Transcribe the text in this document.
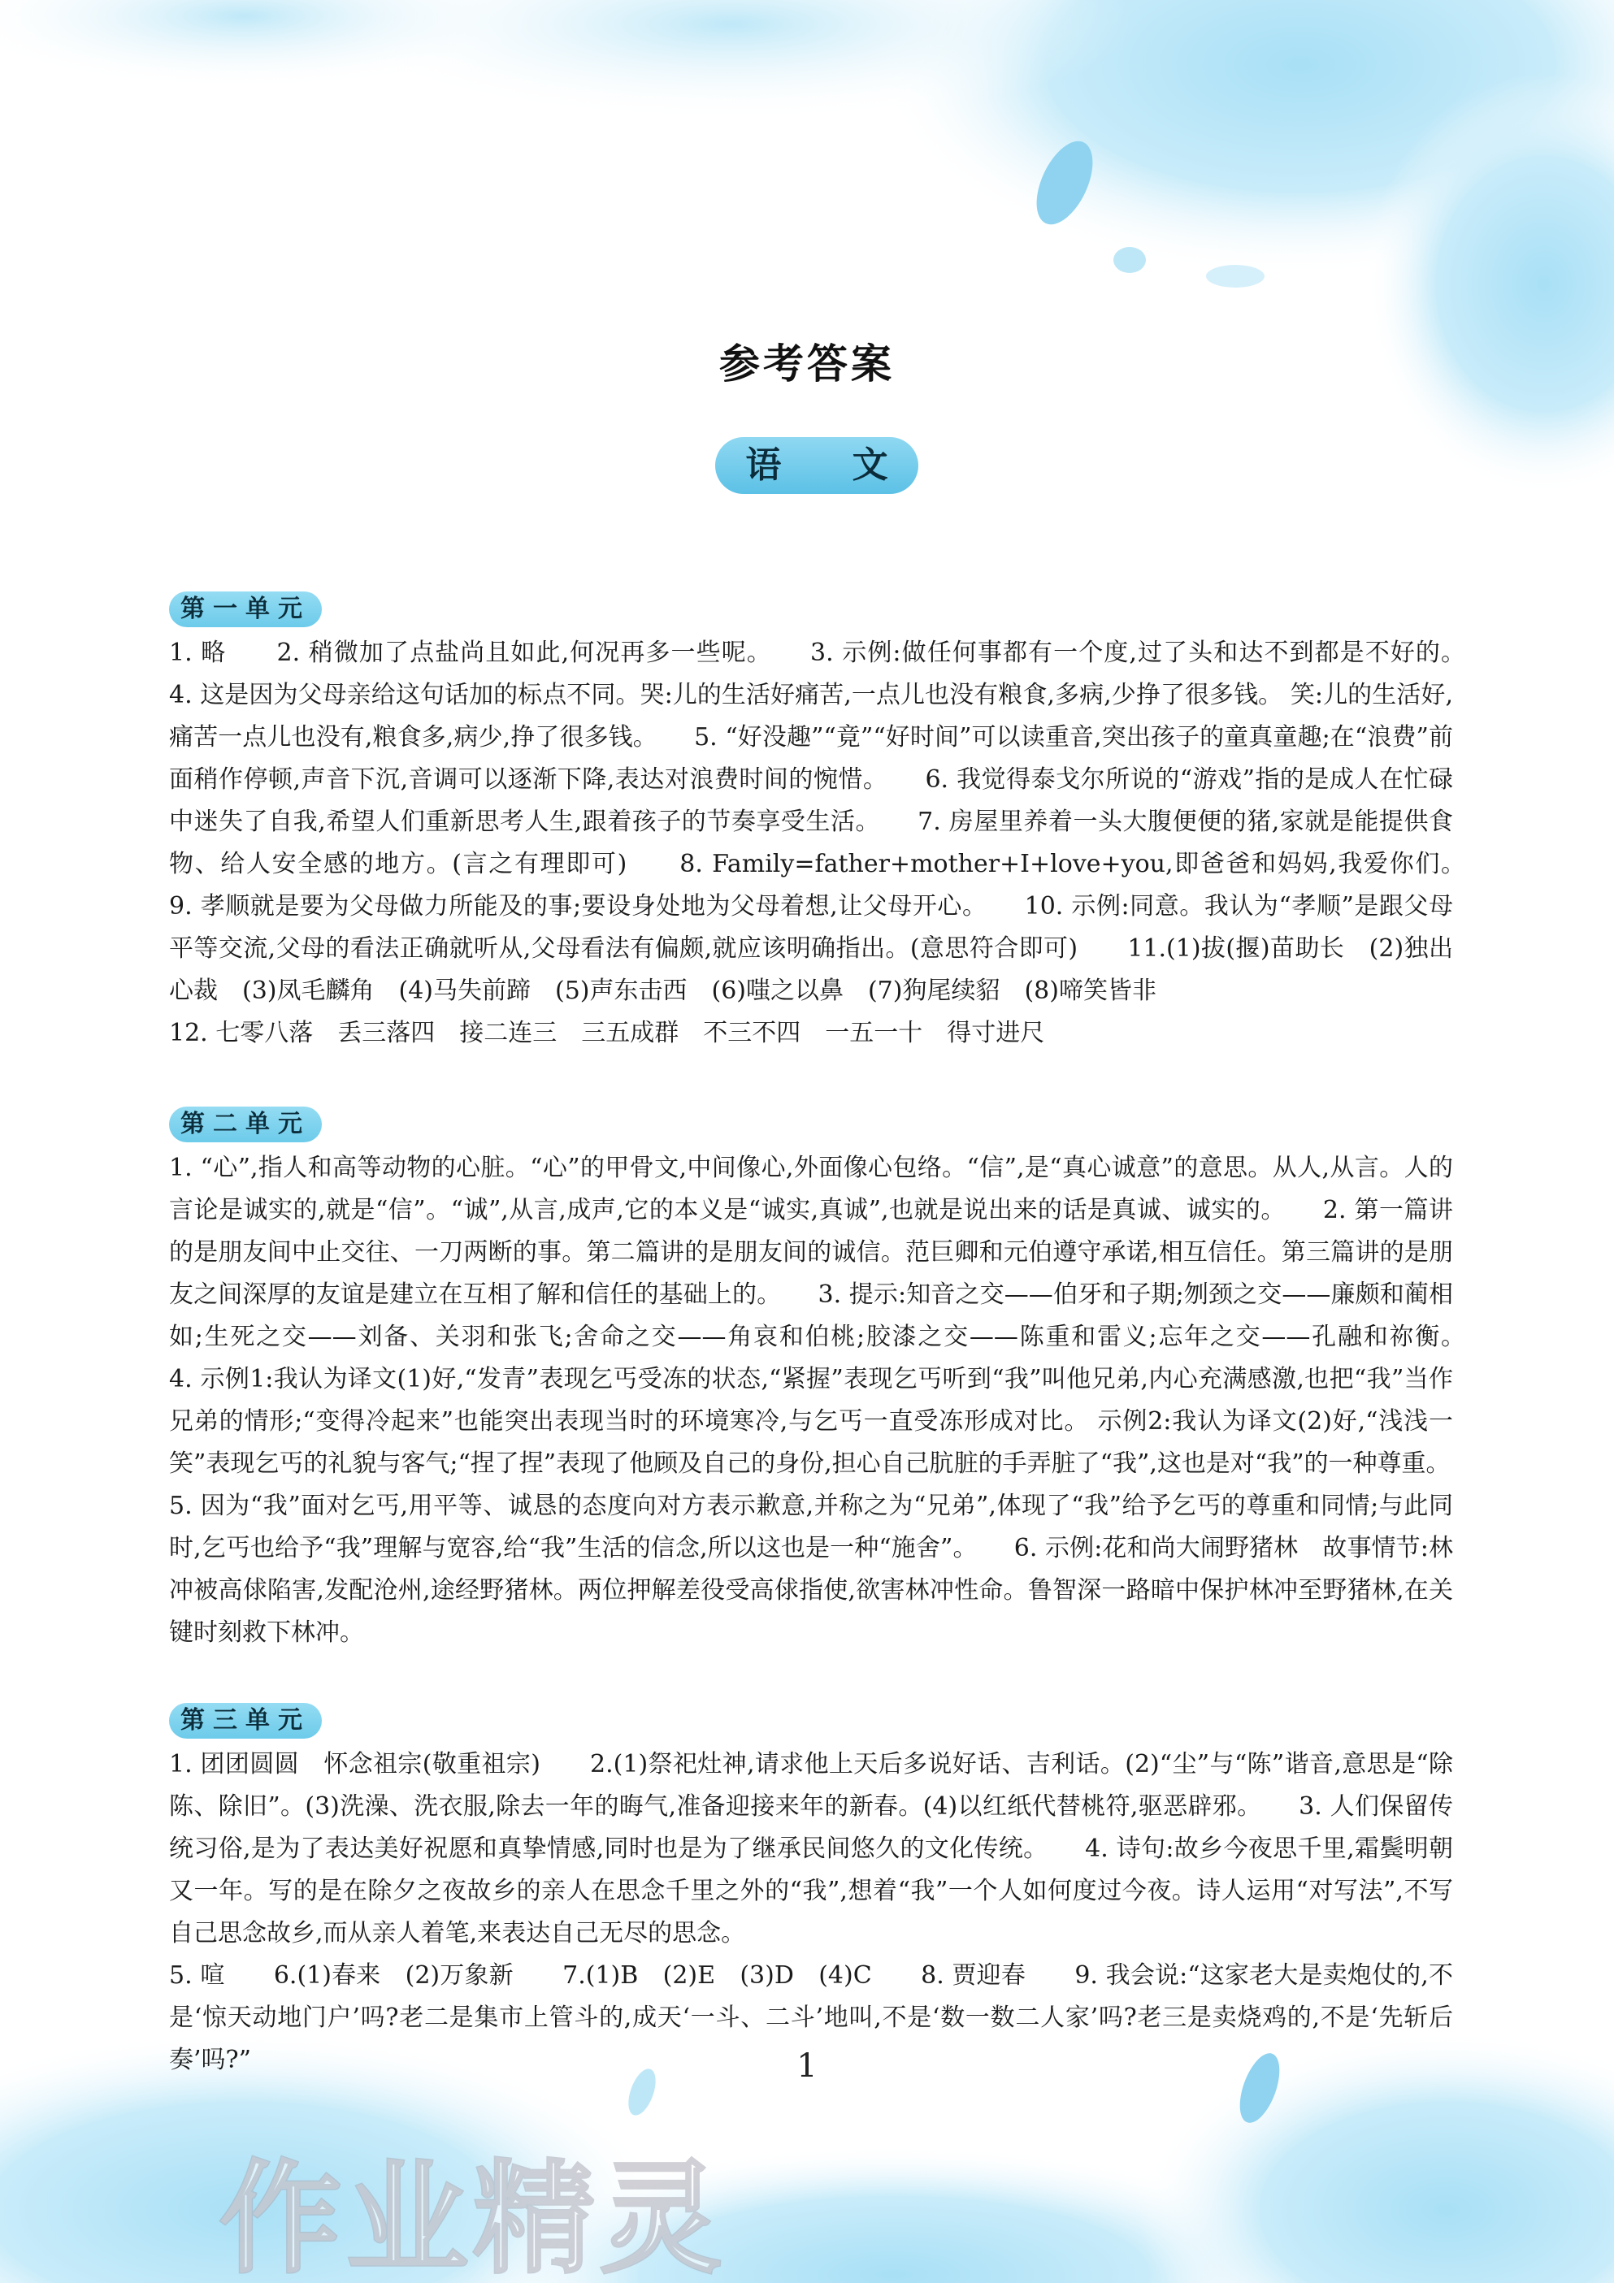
参考答案
语 文
第一单元

1. 略　　2. 稍微加了点盐尚且如此,何况再多一些呢。　　3. 示例:做任何事都有一个度,过了头和达不到都是不好的。　　4. 这是因为父母亲给这句话加的标点不同。哭:儿的生活好痛苦,一点儿也没有粮食,多病,少挣了很多钱。 笑:儿的生活好,痛苦一点儿也没有,粮食多,病少,挣了很多钱。　　5. “好没趣”“竟”“好时间”可以读重音,突出孩子的童真童趣;在“浪费”前面稍作停顿,声音下沉,音调可以逐渐下降,表达对浪费时间的惋惜。　　6. 我觉得泰戈尔所说的“游戏”指的是成人在忙碌中迷失了自我,希望人们重新思考人生,跟着孩子的节奏享受生活。　　7. 房屋里养着一头大腹便便的猪,家就是能提供食物、给人安全感的地方。(言之有理即可)　　8. Family=father+mother+I+love+you,即爸爸和妈妈,我爱你们。　　9. 孝顺就是要为父母做力所能及的事;要设身处地为父母着想,让父母开心。　　10. 示例:同意。我认为“孝顺”是跟父母平等交流,父母的看法正确就听从,父母看法有偏颇,就应该明确指出。(意思符合即可)　　11.(1)拔(揠)苗助长　(2)独出心裁　(3)凤毛麟角　(4)马失前蹄　(5)声东击西　(6)嗤之以鼻　(7)狗尾续貂　(8)啼笑皆非

12. 七零八落　丢三落四　接二连三　三五成群　不三不四　一五一十　得寸进尺

第二单元

1. “心”,指人和高等动物的心脏。“心”的甲骨文,中间像心,外面像心包络。“信”,是“真心诚意”的意思。从人,从言。人的言论是诚实的,就是“信”。“诚”,从言,成声,它的本义是“诚实,真诚”,也就是说出来的话是真诚、诚实的。　　2. 第一篇讲的是朋友间中止交往、一刀两断的事。第二篇讲的是朋友间的诚信。范巨卿和元伯遵守承诺,相互信任。第三篇讲的是朋友之间深厚的友谊是建立在互相了解和信任的基础上的。　　3. 提示:知音之交——伯牙和子期;刎颈之交——廉颇和蔺相如;生死之交——刘备、关羽和张飞;舍命之交——角哀和伯桃;胶漆之交——陈重和雷义;忘年之交——孔融和祢衡。　　4. 示例1:我认为译文(1)好,“发青”表现乞丐受冻的状态,“紧握”表现乞丐听到“我”叫他兄弟,内心充满感激,也把“我”当作兄弟的情形;“变得冷起来”也能突出表现当时的环境寒冷,与乞丐一直受冻形成对比。 示例2:我认为译文(2)好,“浅浅一笑”表现乞丐的礼貌与客气;“捏了捏”表现了他顾及自己的身份,担心自己肮脏的手弄脏了“我”,这也是对“我”的一种尊重。

5. 因为“我”面对乞丐,用平等、诚恳的态度向对方表示歉意,并称之为“兄弟”,体现了“我”给予乞丐的尊重和同情;与此同时,乞丐也给予“我”理解与宽容,给“我”生活的信念,所以这也是一种“施舍”。　　6. 示例:花和尚大闹野猪林　故事情节:林冲被高俅陷害,发配沧州,途经野猪林。两位押解差役受高俅指使,欲害林冲性命。鲁智深一路暗中保护林冲至野猪林,在关键时刻救下林冲。

第三单元

1. 团团圆圆　怀念祖宗(敬重祖宗)　　2.(1)祭祀灶神,请求他上天后多说好话、吉利话。(2)“尘”与“陈”谐音,意思是“除陈、除旧”。(3)洗澡、洗衣服,除去一年的晦气,准备迎接来年的新春。(4)以红纸代替桃符,驱恶辟邪。　　3. 人们保留传统习俗,是为了表达美好祝愿和真挚情感,同时也是为了继承民间悠久的文化传统。　　4. 诗句:故乡今夜思千里,霜鬓明朝又一年。写的是在除夕之夜故乡的亲人在思念千里之外的“我”,想着“我”一个人如何度过今夜。诗人运用“对写法”,不写自己思念故乡,而从亲人着笔,来表达自己无尽的思念。

5. 喧　　6.(1)春来　(2)万象新　　7.(1)B　(2)E　(3)D　(4)C　　8. 贾迎春　　9. 我会说:“这家老大是卖炮仗的,不是‘惊天动地门户’吗?老二是集市上管斗的,成天‘一斗、二斗’地叫,不是‘数一数二人家’吗?老三是卖烧鸡的,不是‘先斩后奏’吗?”	1
作业精灵
